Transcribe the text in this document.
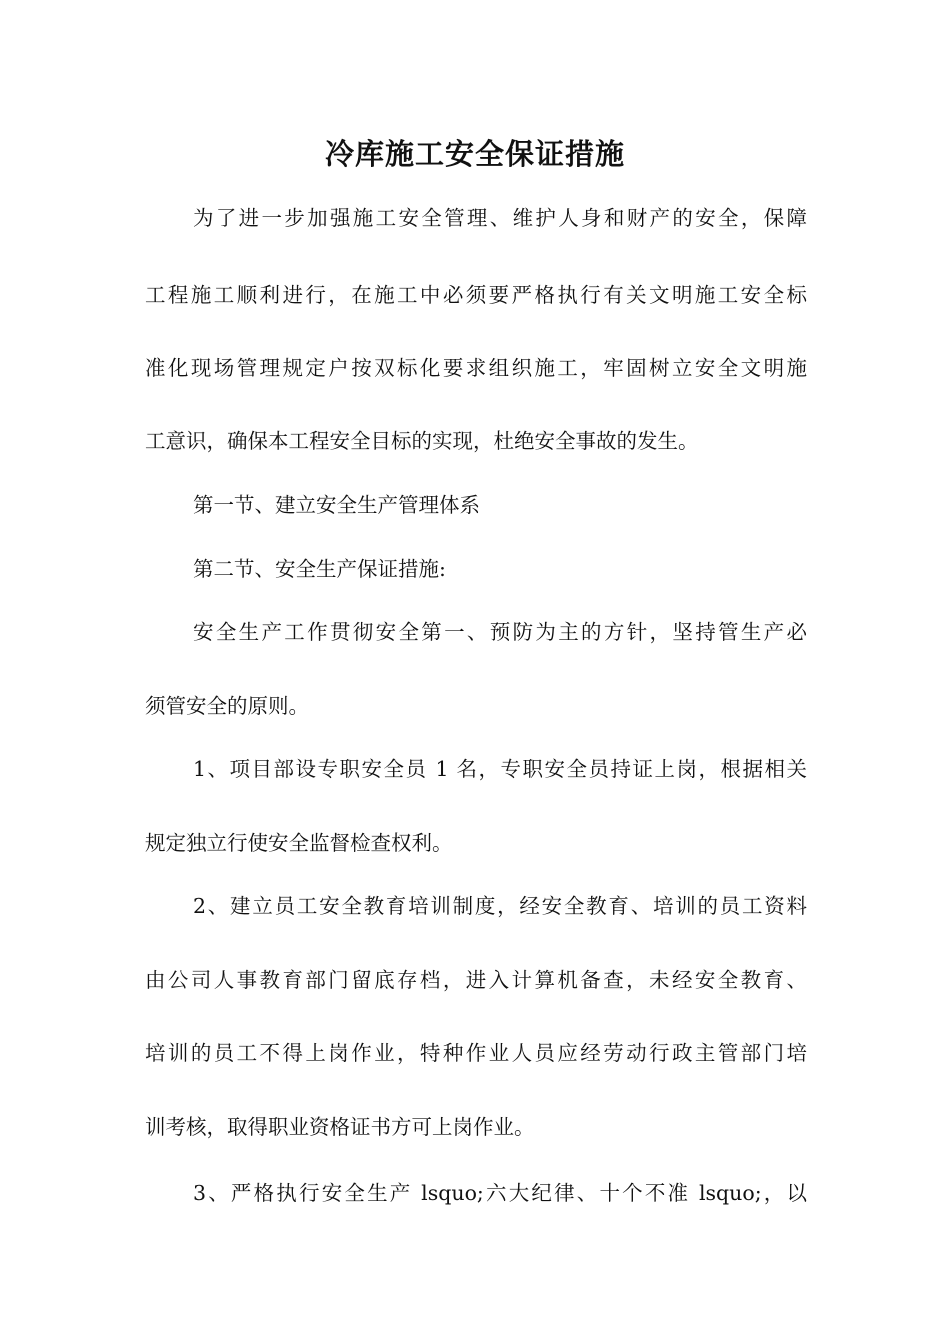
冷库施工安全保证措施
为了进一步加强施工安全管理、维护人身和财产的安全，保障
工程施工顺利进行，在施工中必须要严格执行有关文明施工安全标
准化现场管理规定户按双标化要求组织施工，牢固树立安全文明施
工意识，确保本工程安全目标的实现，杜绝安全事故的发生。
第一节、建立安全生产管理体系
第二节、安全生产保证措施:
安全生产工作贯彻安全第一、预防为主的方针，坚持管生产必
须管安全的原则。
1、项目部设专职安全员 1 名，专职安全员持证上岗，根据相关
规定独立行使安全监督检查权利。
2、建立员工安全教育培训制度，经安全教育、培训的员工资料
由公司人事教育部门留底存档，进入计算机备查，未经安全教育、
培训的员工不得上岗作业，特种作业人员应经劳动行政主管部门培
训考核，取得职业资格证书方可上岗作业。
3、严格执行安全生产 lsquo;六大纪律、十个不准 lsquo;，以
